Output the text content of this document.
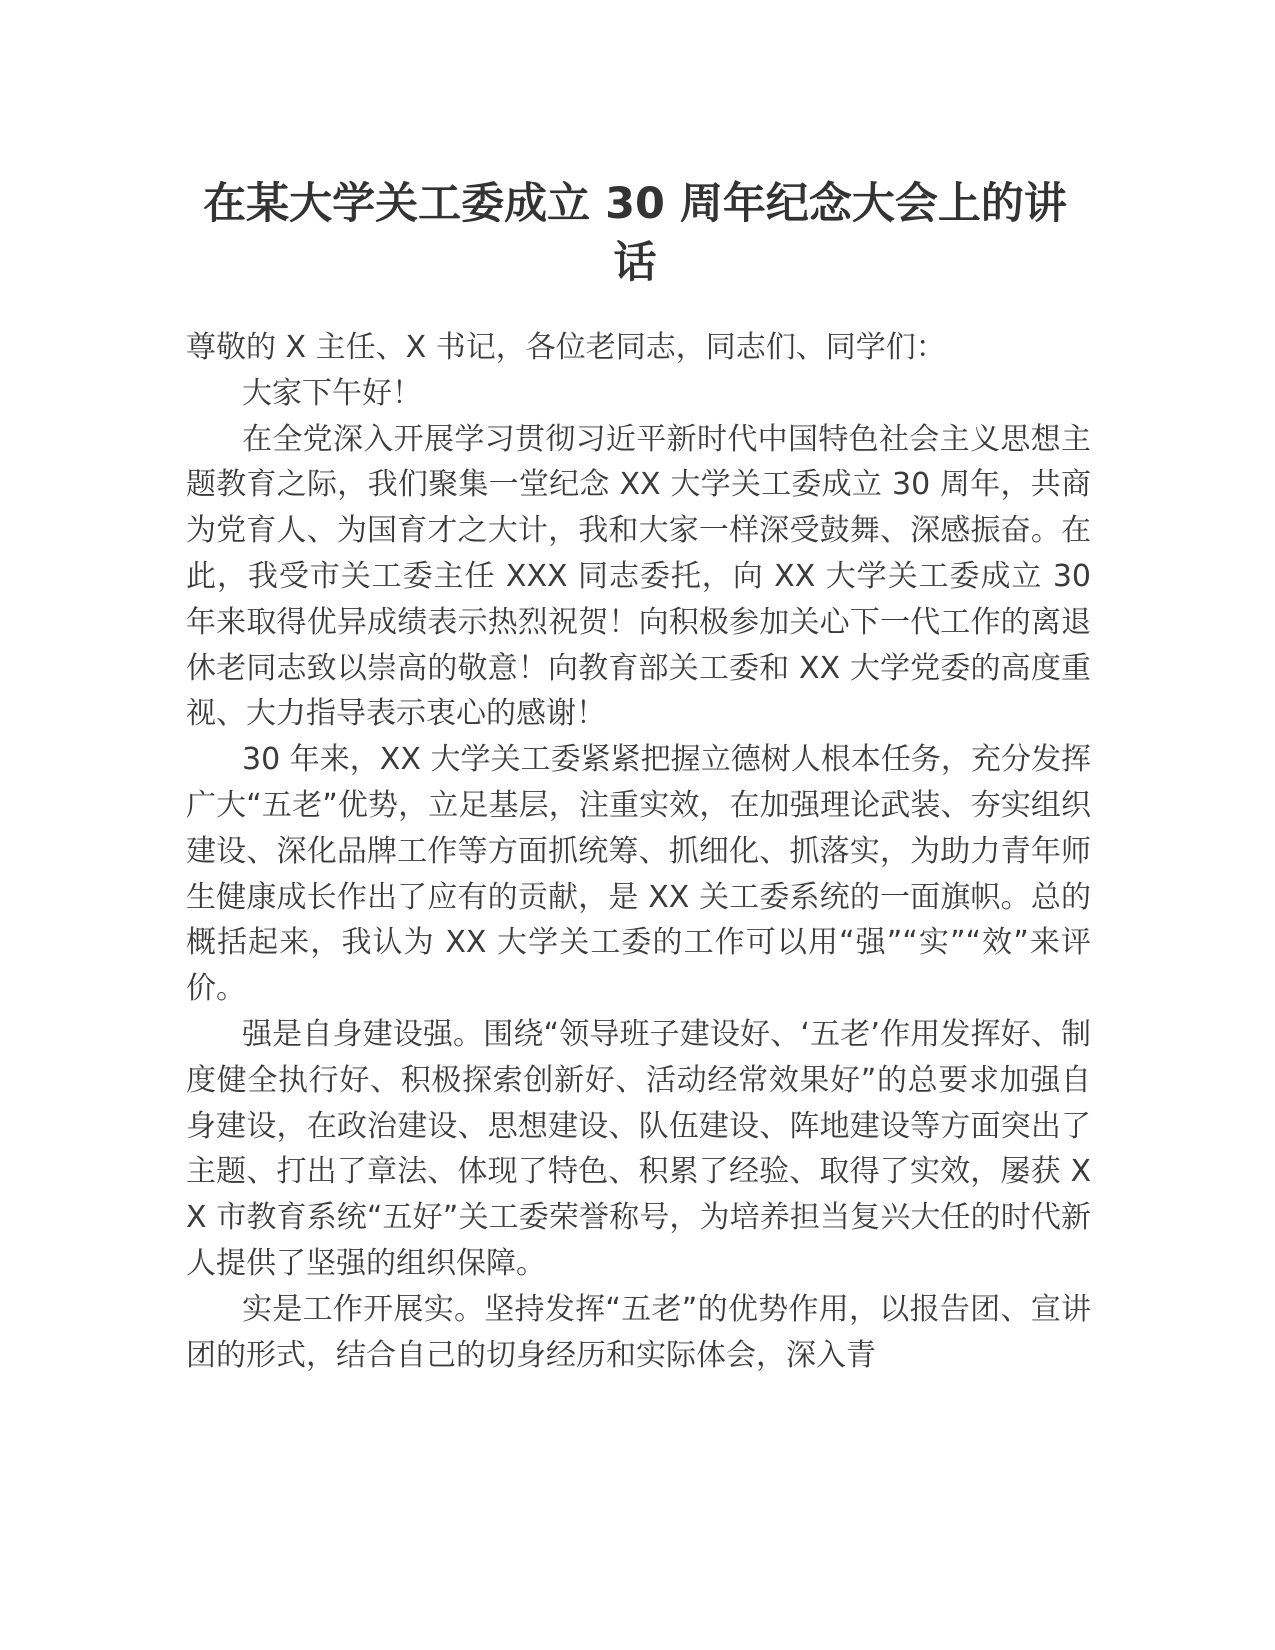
在某大学关工委成立 30 周年纪念大会上的讲话

尊敬的 X 主任、X 书记，各位老同志，同志们、同学们：

大家下午好！

在全党深入开展学习贯彻习近平新时代中国特色社会主义思想主题教育之际，我们聚集一堂纪念 XX 大学关工委成立 30 周年，共商为党育人、为国育才之大计，我和大家一样深受鼓舞、深感振奋。在此，我受市关工委主任 XXX 同志委托，向 XX 大学关工委成立 30 年来取得优异成绩表示热烈祝贺！向积极参加关心下一代工作的离退休老同志致以崇高的敬意！向教育部关工委和 XX 大学党委的高度重视、大力指导表示衷心的感谢！

30 年来，XX 大学关工委紧紧把握立德树人根本任务，充分发挥广大“五老”优势，立足基层，注重实效，在加强理论武装、夯实组织建设、深化品牌工作等方面抓统筹、抓细化、抓落实，为助力青年师生健康成长作出了应有的贡献，是 XX 关工委系统的一面旗帜。总的概括起来，我认为 XX 大学关工委的工作可以用“强”“实”“效”来评价。

强是自身建设强。围绕“领导班子建设好、‘五老’作用发挥好、制度健全执行好、积极探索创新好、活动经常效果好”的总要求加强自身建设，在政治建设、思想建设、队伍建设、阵地建设等方面突出了主题、打出了章法、体现了特色、积累了经验、取得了实效，屡获 XX 市教育系统“五好”关工委荣誉称号，为培养担当复兴大任的时代新人提供了坚强的组织保障。

实是工作开展实。坚持发挥“五老”的优势作用，以报告团、宣讲团的形式，结合自己的切身经历和实际体会，深入青
